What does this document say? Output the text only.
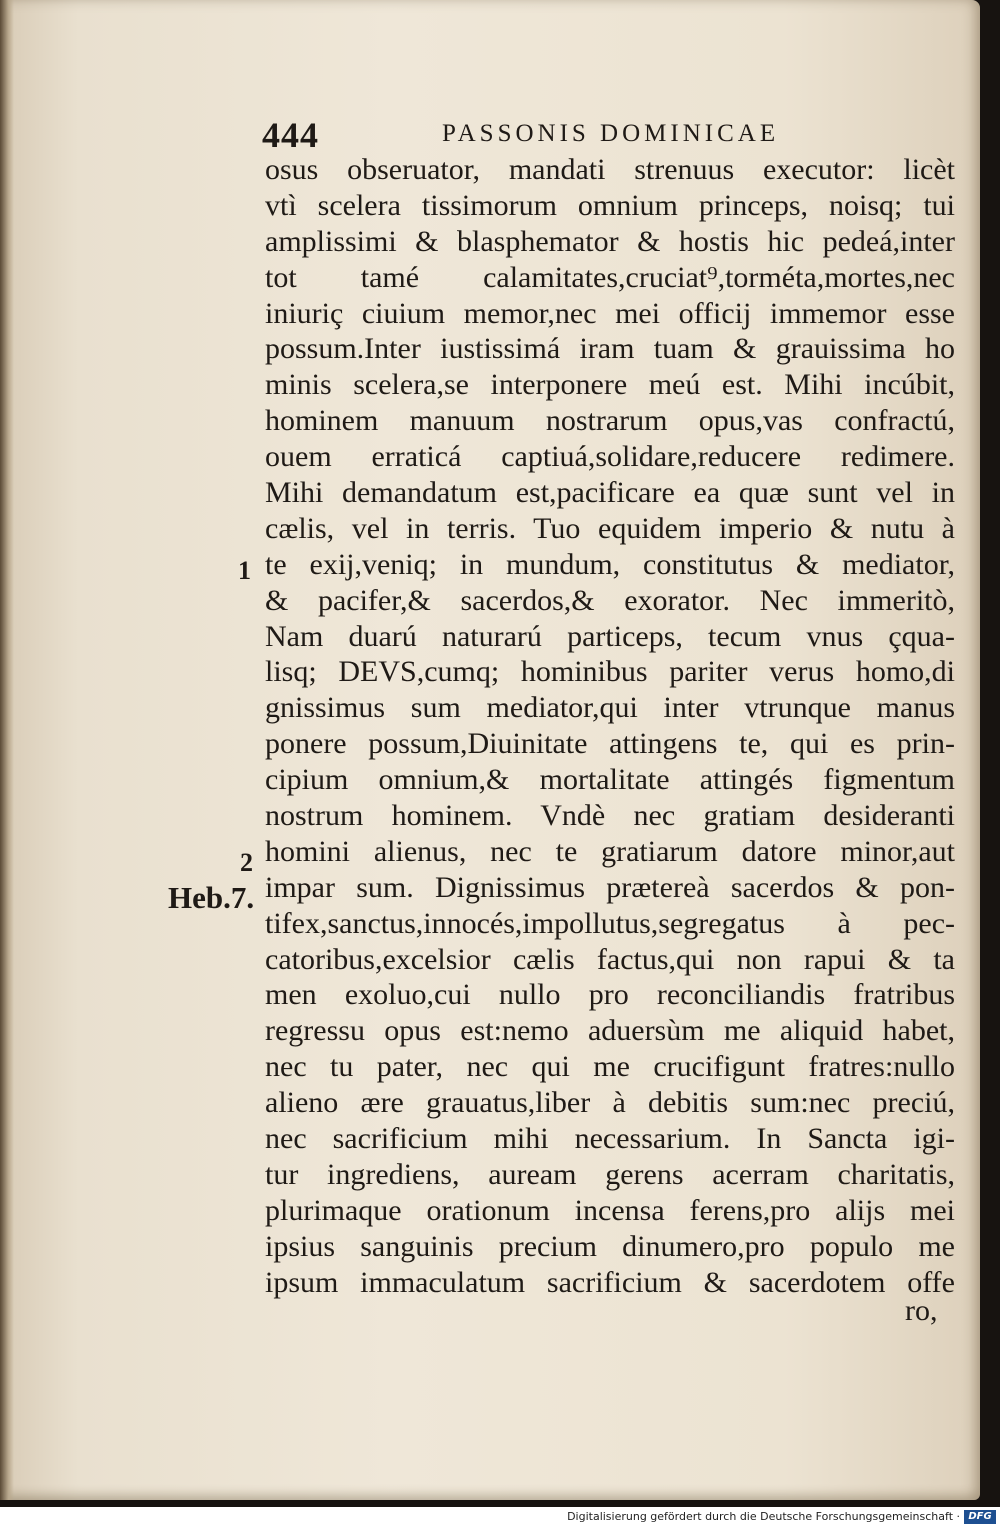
444	PASSONIS DOMINICAE
2
1
Heb.7.
osus obseruator, mandati strenuus executor: licèt
vtì scelera tissimorum omnium princeps, noisq; tui
amplissimi & blasphemator & hostis hic pedeá,inter
tot tamé calamitates,cruciat⁹,torméta,mortes,nec
iniuriç ciuium memor,nec mei officij immemor esse
possum.Inter iustissimá iram tuam & grauissima ho
minis scelera,se interponere meú est. Mihi incúbit,
hominem manuum nostrarum opus,vas confractú,
ouem erraticá captiuá,solidare,reducere redimere.
Mihi demandatum est,pacificare ea quæ sunt vel in
cælis, vel in terris. Tuo equidem imperio & nutu à
te exij,veniq; in mundum, constitutus & mediator,
& pacifer,& sacerdos,& exorator. Nec immeritò,
Nam duarú naturarú particeps, tecum vnus çqua-
lisq; DEVS,cumq; hominibus pariter verus homo,di
gnissimus sum mediator,qui inter vtrunque manus
ponere possum,Diuinitate attingens te, qui es prin-
cipium omnium,& mortalitate attingés figmentum
nostrum hominem. Vndè nec gratiam desideranti
homini alienus, nec te gratiarum datore minor,aut
impar sum. Dignissimus prætereà sacerdos & pon-
tifex,sanctus,innocés,impollutus,segregatus à pec-
catoribus,excelsior cælis factus,qui non rapui & ta
men exoluo,cui nullo pro reconciliandis fratribus
regressu opus est:nemo aduersùm me aliquid habet,
nec tu pater, nec qui me crucifigunt fratres:nullo
alieno ære grauatus,liber à debitis sum:nec preciú,
nec sacrificium mihi necessarium. In Sancta igi-
tur ingrediens, auream gerens acerram charitatis,
plurimaque orationum incensa ferens,pro alijs mei
ipsius sanguinis precium dinumero,pro populo me
ipsum immaculatum sacrificium & sacerdotem offe
ro,
Digitalisierung gefördert durch die Deutsche Forschungsgemeinschaft · DFG
